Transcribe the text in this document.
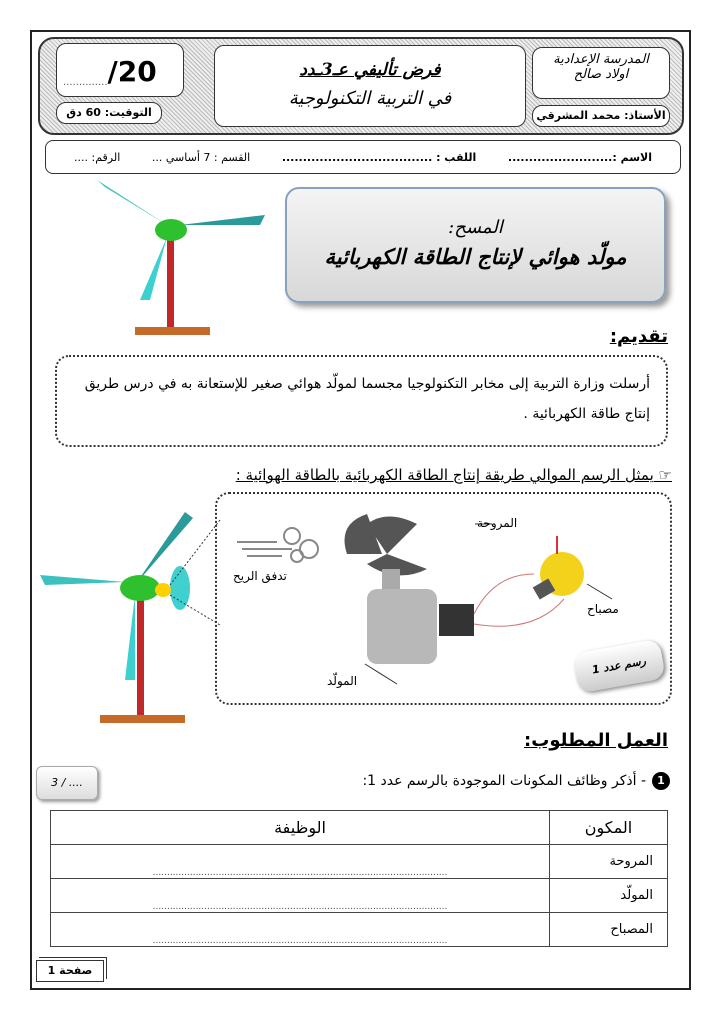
المدرسة الإعدادية
اولاد صالح
الأستاذ: محمد المشرقي
فرض تأليفي عـ3ـدد
في التربية التكنولوجية
.............. /20
التوقيت: 60 دق
الاسم :.........................
اللقب : ....................................
القسم : 7 أساسي ...
الرقم: ....
المسح:
مولّد هوائي لإنتاج الطاقة الكهربائية
تقديم:
أرسلت وزارة التربية إلى مخابر التكنولوجيا مجسما لمولّد هوائي صغير للإستعانة به في درس طريق إنتاج طاقة الكهربائية .
☞ يمثل الرسم الموالي طريقة إنتاج الطاقة الكهربائية بالطاقة الهوائية :
المروحة
تدفق الريح
مصباح
المولّد
رسم عدد 1
العمل المطلوب:
1
- أذكر وظائف المكونات الموجودة بالرسم عدد 1:
3 / ....
المكون	الوظيفة
المروحة	.......................................................................................................
المولّد	.......................................................................................................
المصباح	.......................................................................................................
صفحة 1
